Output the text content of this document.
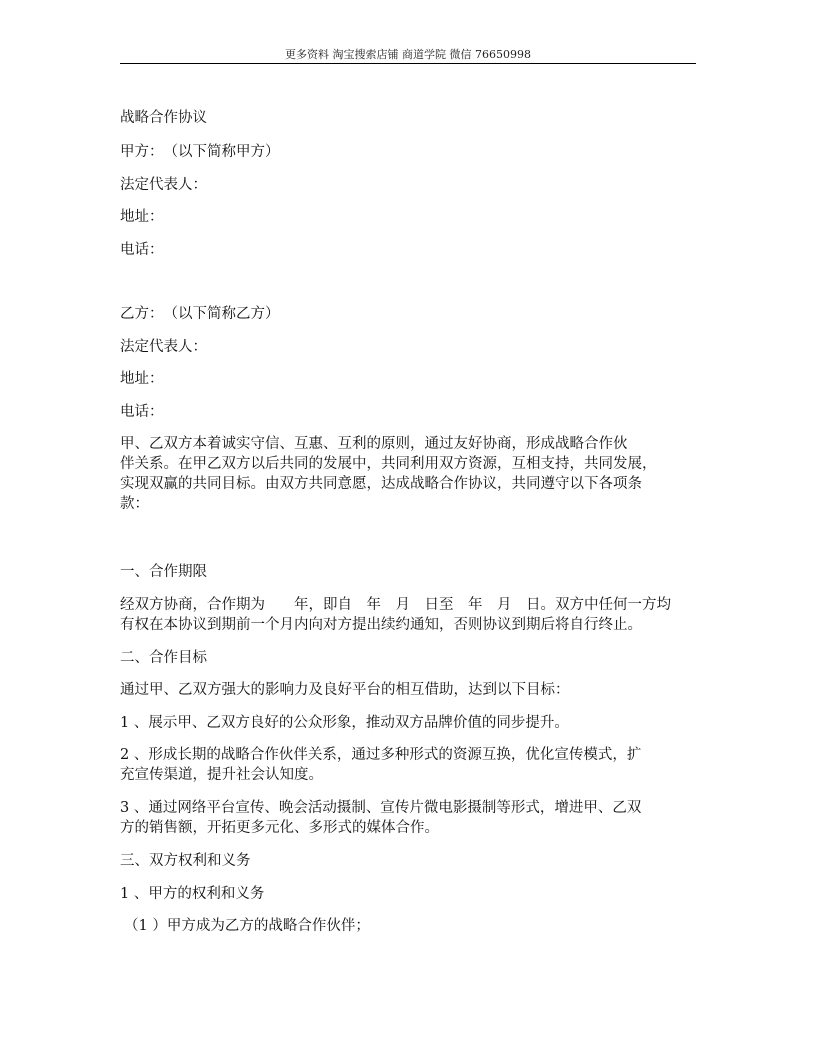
更多资料 淘宝搜索店铺 商道学院 微信 76650998
战略合作协议
甲方：　（以下简称甲方）
法定代表人：
地址：
电话：
乙方：　（以下简称乙方）
法定代表人：
地址：
电话：
甲、乙双方本着诚实守信、互惠、互利的原则，通过友好协商，形成战略合作伙
伴关系。在甲乙双方以后共同的发展中，共同利用双方资源，互相支持，共同发展，
实现双赢的共同目标。由双方共同意愿，达成战略合作协议，共同遵守以下各项条
款：
一、合作期限
经双方协商，合作期为　　年，即自　年　月　日至　年　月　日。双方中任何一方均
有权在本协议到期前一个月内向对方提出续约通知，否则协议到期后将自行终止。
二、合作目标
通过甲、乙双方强大的影响力及良好平台的相互借助，达到以下目标：
1 、展示甲、乙双方良好的公众形象，推动双方品牌价值的同步提升。
2 、形成长期的战略合作伙伴关系，通过多种形式的资源互换，优化宣传模式，扩
充宣传渠道，提升社会认知度。
3 、通过网络平台宣传、晚会活动摄制、宣传片微电影摄制等形式，增进甲、乙双
方的销售额，开拓更多元化、多形式的媒体合作。
三、双方权利和义务
1 、甲方的权利和义务
（1 ）甲方成为乙方的战略合作伙伴；
